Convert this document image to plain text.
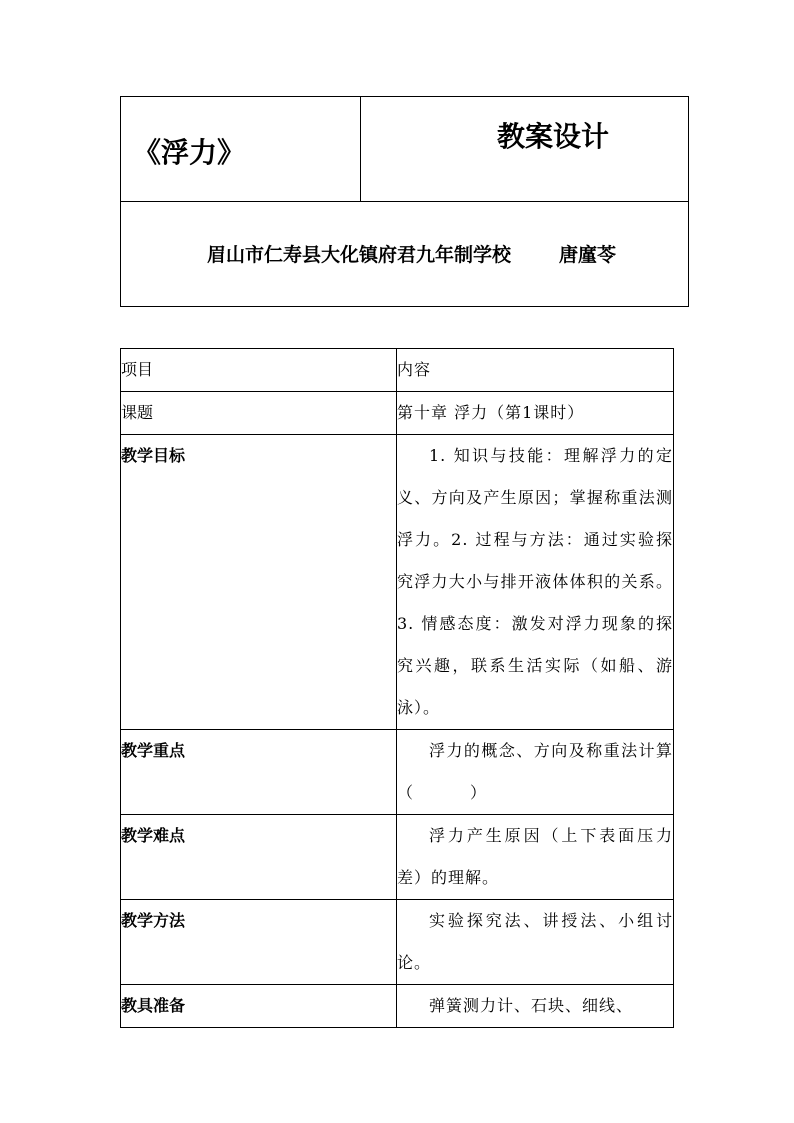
《浮力》	教案设计

眉山市仁寿县大化镇府君九年制学校	唐廑苓
项目	内容
课题	第十章 浮力（第1课时）
教学目标	1. 知识与技能：理解浮力的定义、方向及产生原因；掌握称重法测浮力。2. 过程与方法：通过实验探究浮力大小与排开液体体积的关系。3. 情感态度：激发对浮力现象的探究兴趣，联系生活实际（如船、游泳）。
教学重点	浮力的概念、方向及称重法计算（ ）
教学难点	浮力产生原因（上下表面压力差）的理解。
教学方法	实验探究法、讲授法、小组讨论。
教具准备	弹簧测力计、石块、细线、
